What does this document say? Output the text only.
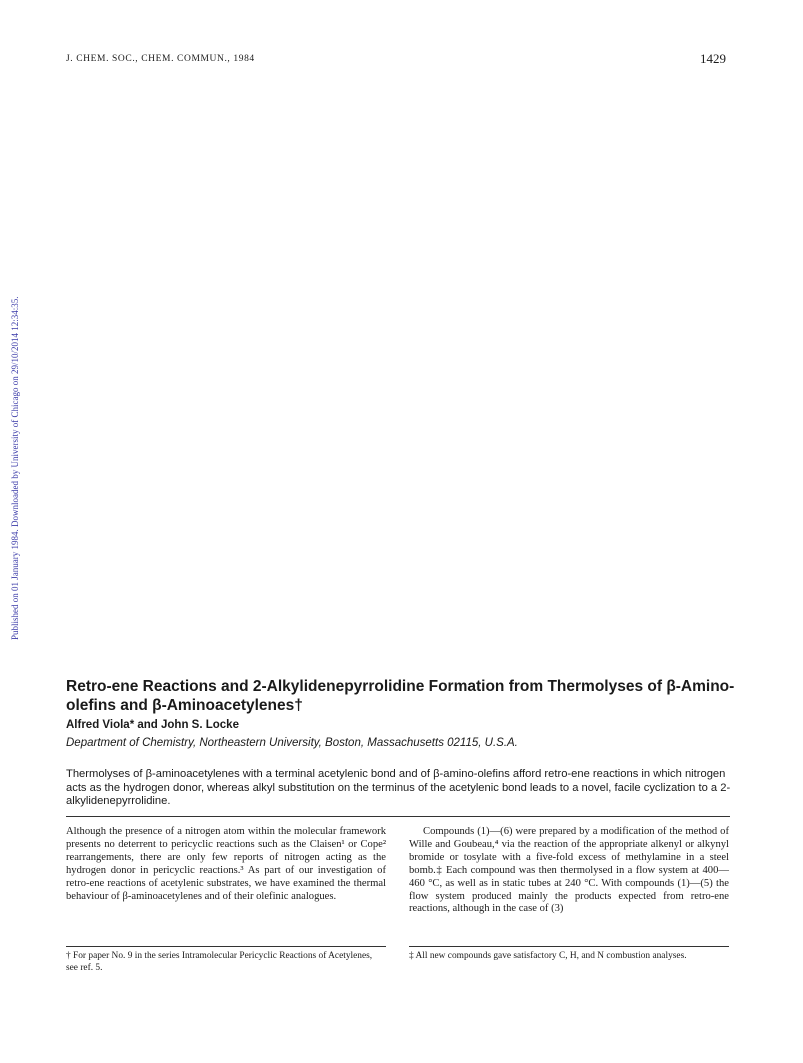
J. CHEM. SOC., CHEM. COMMUN., 1984	1429
Published on 01 January 1984. Downloaded by University of Chicago on 29/10/2014 12:34:35.
Retro-ene Reactions and 2-Alkylidenepyrrolidine Formation from Thermolyses of β-Amino-olefins and β-Aminoacetylenes†
Alfred Viola* and John S. Locke
Department of Chemistry, Northeastern University, Boston, Massachusetts 02115, U.S.A.
Thermolyses of β-aminoacetylenes with a terminal acetylenic bond and of β-amino-olefins afford retro-ene reactions in which nitrogen acts as the hydrogen donor, whereas alkyl substitution on the terminus of the acetylenic bond leads to a novel, facile cyclization to a 2-alkylidenepyrrolidine.

Although the presence of a nitrogen atom within the molecular framework presents no deterrent to pericyclic reactions such as the Claisen¹ or Cope² rearrangements, there are only few reports of nitrogen acting as the hydrogen donor in pericyclic reactions.³ As part of our investigation of retro-ene reactions of acetylenic substrates, we have examined the thermal behaviour of β-aminoacetylenes and of their olefinic analogues.

Compounds (1)—(6) were prepared by a modification of the method of Wille and Goubeau,⁴ via the reaction of the appropriate alkenyl or alkynyl bromide or tosylate with a five-fold excess of methylamine in a steel bomb.‡ Each compound was then thermolysed in a flow system at 400—460 °C, as well as in static tubes at 240 °C. With compounds (1)—(5) the flow system produced mainly the products expected from retro-ene reactions, although in the case of (3)

† For paper No. 9 in the series Intramolecular Pericyclic Reactions of Acetylenes, see ref. 5.
‡ All new compounds gave satisfactory C, H, and N combustion analyses.
